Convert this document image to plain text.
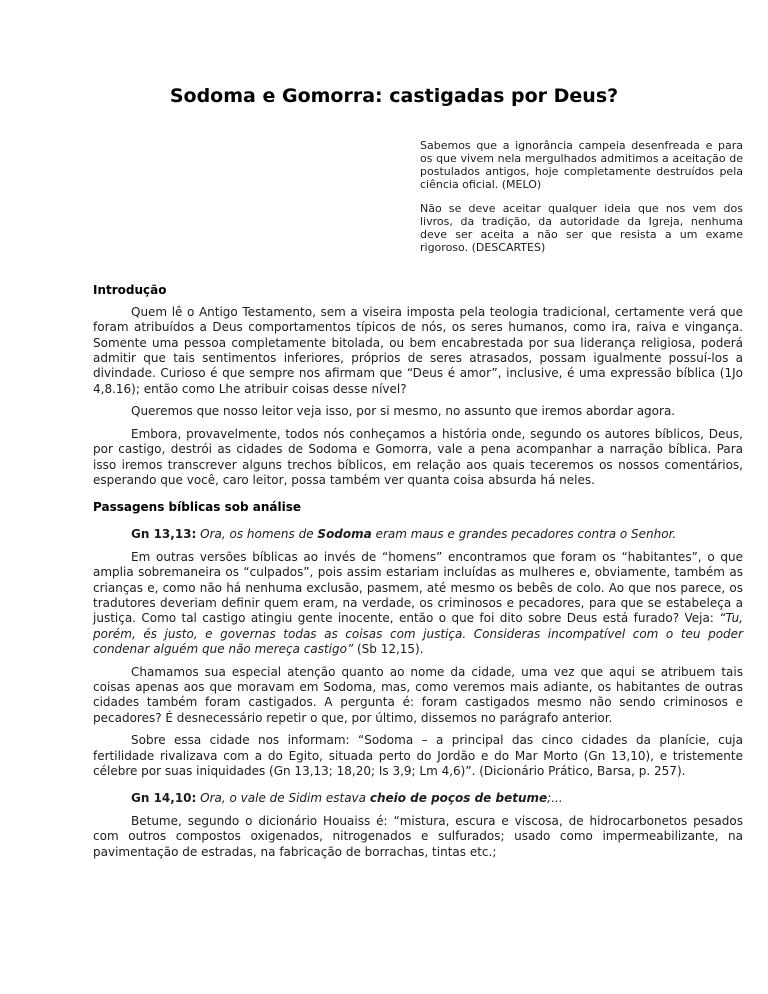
Sodoma e Gomorra: castigadas por Deus?

Sabemos que a ignorância campeia desenfreada e para os que vivem nela mergulhados admitimos a aceitação de postulados antigos, hoje completamente destruídos pela ciência oficial. (MELO)

Não se deve aceitar qualquer ideia que nos vem dos livros, da tradição, da autoridade da Igreja, nenhuma deve ser aceita a não ser que resista a um exame rigoroso. (DESCARTES)

Introdução

Quem lê o Antigo Testamento, sem a viseira imposta pela teologia tradicional, certamente verá que foram atribuídos a Deus comportamentos típicos de nós, os seres humanos, como ira, raiva e vingança. Somente uma pessoa completamente bitolada, ou bem encabrestada por sua liderança religiosa, poderá admitir que tais sentimentos inferiores, próprios de seres atrasados, possam igualmente possuí-los a divindade. Curioso é que sempre nos afirmam que “Deus é amor”, inclusive, é uma expressão bíblica (1Jo 4,8.16); então como Lhe atribuir coisas desse nível?

Queremos que nosso leitor veja isso, por si mesmo, no assunto que iremos abordar agora.

Embora, provavelmente, todos nós conheçamos a história onde, segundo os autores bíblicos, Deus, por castigo, destrói as cidades de Sodoma e Gomorra, vale a pena acompanhar a narração bíblica. Para isso iremos transcrever alguns trechos bíblicos, em relação aos quais teceremos os nossos comentários, esperando que você, caro leitor, possa também ver quanta coisa absurda há neles.

Passagens bíblicas sob análise

Gn 13,13: Ora, os homens de Sodoma eram maus e grandes pecadores contra o Senhor.

Em outras versões bíblicas ao invés de “homens” encontramos que foram os “habitantes”, o que amplia sobremaneira os “culpados”, pois assim estariam incluídas as mulheres e, obviamente, também as crianças e, como não há nenhuma exclusão, pasmem, até mesmo os bebês de colo. Ao que nos parece, os tradutores deveriam definir quem eram, na verdade, os criminosos e pecadores, para que se estabeleça a justiça. Como tal castigo atingiu gente inocente, então o que foi dito sobre Deus está furado? Veja: “Tu, porém, és justo, e governas todas as coisas com justiça. Consideras incompatível com o teu poder condenar alguém que não mereça castigo” (Sb 12,15).

Chamamos sua especial atenção quanto ao nome da cidade, uma vez que aqui se atribuem tais coisas apenas aos que moravam em Sodoma, mas, como veremos mais adiante, os habitantes de outras cidades também foram castigados. A pergunta é: foram castigados mesmo não sendo criminosos e pecadores? É desnecessário repetir o que, por último, dissemos no parágrafo anterior.

Sobre essa cidade nos informam: “Sodoma – a principal das cinco cidades da planície, cuja fertilidade rivalizava com a do Egito, situada perto do Jordão e do Mar Morto (Gn 13,10), e tristemente célebre por suas iniquidades (Gn 13,13; 18,20; Is 3,9; Lm 4,6)”. (Dicionário Prático, Barsa, p. 257).

Gn 14,10: Ora, o vale de Sidim estava cheio de poços de betume;...

Betume, segundo o dicionário Houaiss é: “mistura, escura e viscosa, de hidrocarbonetos pesados com outros compostos oxigenados, nitrogenados e sulfurados; usado como impermeabilizante, na pavimentação de estradas, na fabricação de borrachas, tintas etc.;
